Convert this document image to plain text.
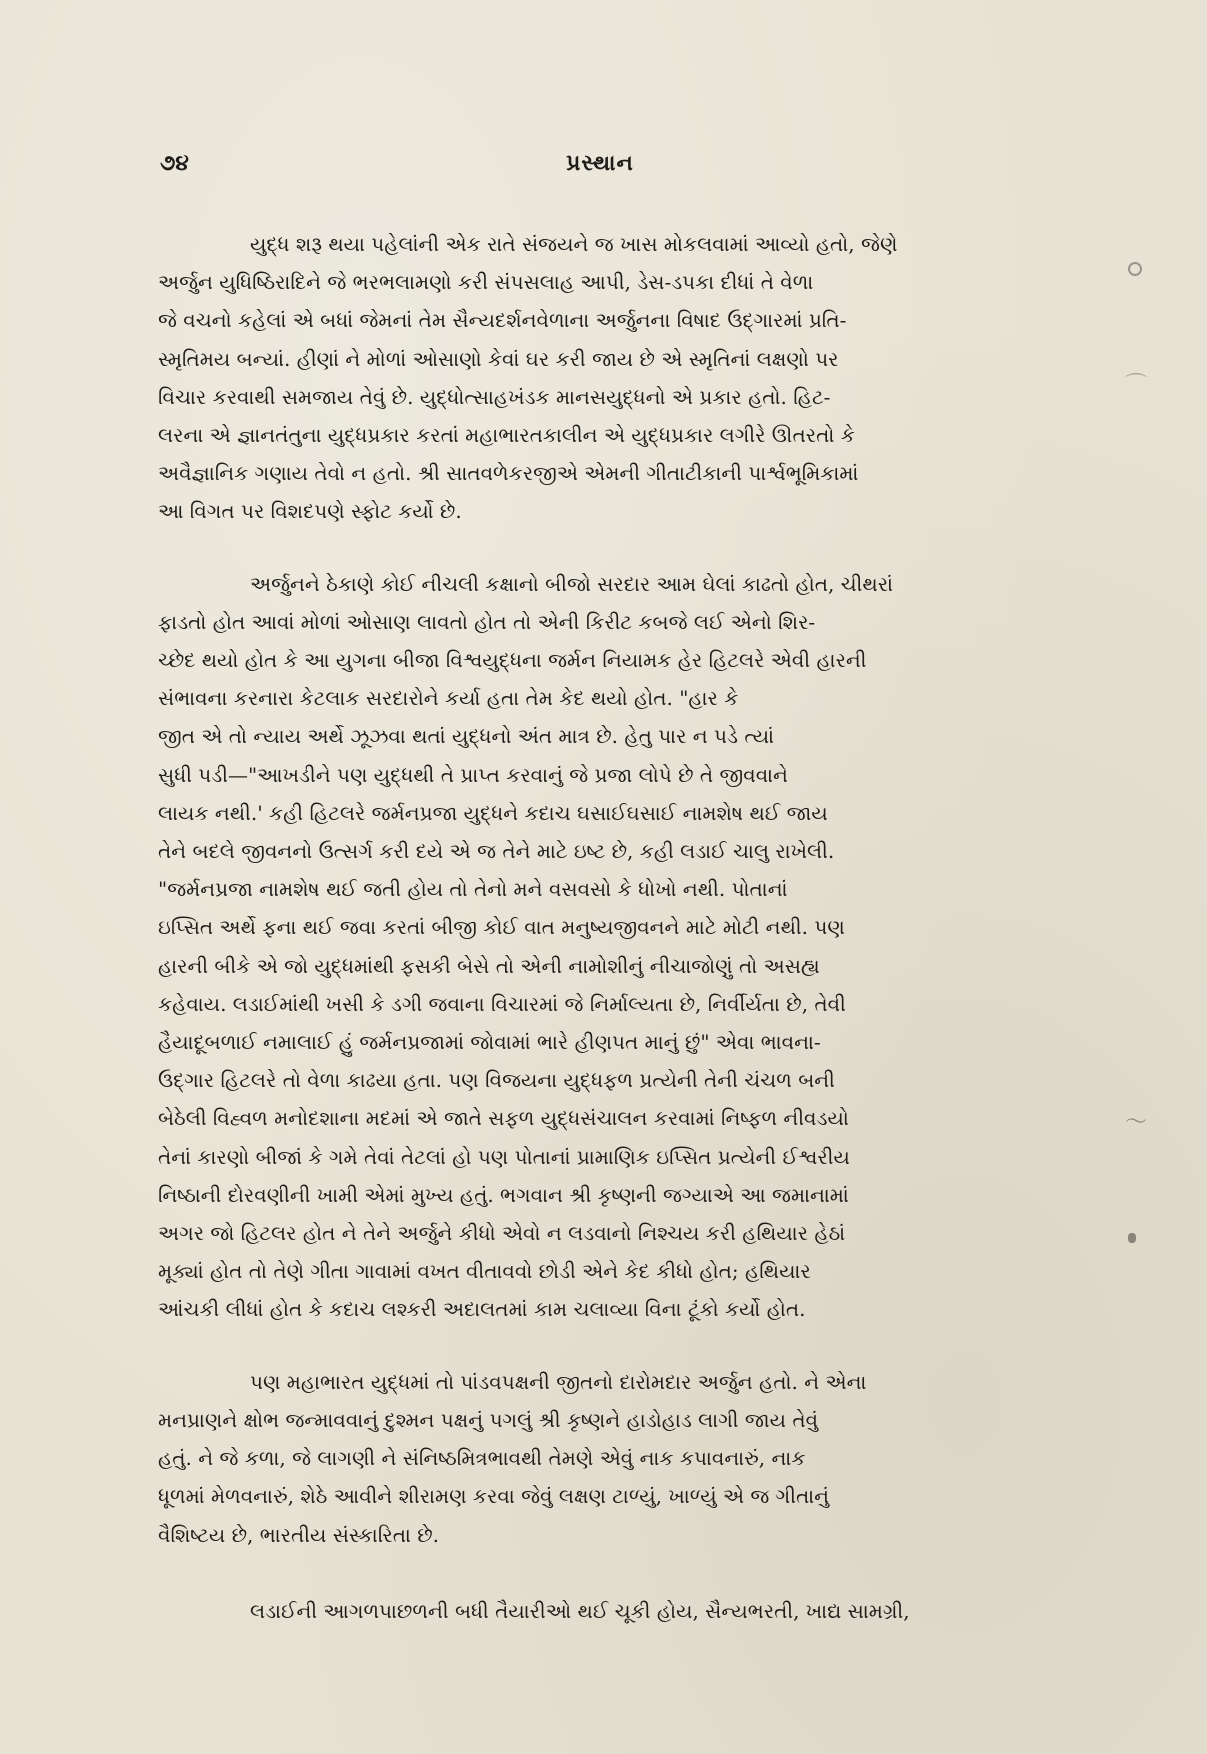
૭૪	પ્રસ્થાન
યુદ્ધ શરૂ થયા પહેલાંની એક રાતે સંજયને જ ખાસ મોકલવામાં આવ્યો હતો, જેણે
અર્જુન યુધિષ્ઠિરાદિને જે ભરભલામણો કરી સંપસલાહ આપી, ડેસ-ડપકા દીધાં તે વેળા
જે વચનો કહેલાં એ બધાં જેમનાં તેમ સૈન્યદર્શનવેળાના અર્જુનના વિષાદ ઉદ્‌ગારમાં પ્રતિ-
સ્મૃતિમય બન્યાં. હીણાં ને મોળાં ઓસાણો કેવાં ઘર કરી જાય છે એ સ્મૃતિનાં લક્ષણો પર
વિચાર કરવાથી સમજાય તેવું છે. યુદ્ધોત્સાહખંડક માનસયુદ્ધનો એ પ્રકાર હતો. હિટ-
લરના એ જ્ઞાનતંતુના યુદ્ધપ્રકાર કરતાં મહાભારતકાલીન એ યુદ્ધપ્રકાર લગીરે ઊતરતો કે
અવૈજ્ઞાનિક ગણાય તેવો ન હતો. શ્રી સાતવળેકરજીએ એમની ગીતાટીકાની પાર્શ્વભૂમિકામાં
આ વિગત પર વિશદપણે સ્ફોટ કર્યો છે.
અર્જુનને ઠેકાણે કોઈ નીચલી કક્ષાનો બીજો સરદાર આમ ઘેલાં કાઢતો હોત, ચીથરાં
ફાડતો હોત આવાં મોળાં ઓસાણ લાવતો હોત તો એની કિરીટ કબજે લઈ એનો શિર-
ચ્છેદ થયો હોત કે આ યુગના બીજા વિશ્વયુદ્ધના જર્મન નિયામક હેર હિટલરે એવી હારની
સંભાવના કરનારા કેટલાક સરદારોને કર્યા હતા તેમ કેદ થયો હોત. "હાર કે
જીત એ તો ન્યાય અર્થે ઝૂઝવા થતાં યુદ્ધનો અંત માત્ર છે. હેતુ પાર ન પડે ત્યાં
સુધી પડી—"આખડીને પણ યુદ્ધથી તે પ્રાપ્ત કરવાનું જે પ્રજા લોપે છે તે જીવવાને
લાયક નથી.' કહી હિટલરે જર્મનપ્રજા યુદ્ધને કદાચ ઘસાઈઘસાઈ નામશેષ થઈ જાય
તેને બદલે જીવનનો ઉત્સર્ગ કરી દયે એ જ તેને માટે ઇષ્ટ છે, કહી લડાઈ ચાલુ રાખેલી.
"જર્મનપ્રજા નામશેષ થઈ જતી હોય તો તેનો મને વસવસો કે ધોખો નથી. પોતાનાં
ઇપ્સિત અર્થે ફના થઈ જવા કરતાં બીજી કોઈ વાત મનુષ્યજીવનને માટે મોટી નથી. પણ
હારની બીકે એ જો યુદ્ધમાંથી ફસકી બેસે તો એની નામોશીનું નીચાજોણું તો અસહ્ય
કહેવાય. લડાઈમાંથી ખસી કે ડગી જવાના વિચારમાં જે નિર્માલ્યતા છે, નિર્વીર્યતા છે, તેવી
હૈયાદૂબળાઈ નમાલાઈ હું જર્મનપ્રજામાં જોવામાં ભારે હીણપત માનું છું" એવા ભાવના-
ઉદ્‌ગાર હિટલરે તો વેળા કાઢયા હતા. પણ વિજયના યુદ્ધફળ પ્રત્યેની તેની ચંચળ બની
બેઠેલી વિહ્વળ મનોદશાના મદમાં એ જાતે સફળ યુદ્ધસંચાલન કરવામાં નિષ્ફળ નીવડયો
તેનાં કારણો બીજાં કે ગમે તેવાં તેટલાં હો પણ પોતાનાં પ્રામાણિક ઇપ્સિત પ્રત્યેની ઈશ્વરીય
નિષ્ઠાની દોરવણીની ખામી એમાં મુખ્ય હતું. ભગવાન શ્રી કૃષ્ણની જગ્યાએ આ જમાનામાં
અગર જો હિટલર હોત ને તેને અર્જુને કીધો એવો ન લડવાનો નિશ્ચય કરી હથિયાર હેઠાં
મૂક્યાં હોત તો તેણે ગીતા ગાવામાં વખત વીતાવવો છોડી એને કેદ કીધો હોત; હથિયાર
આંચકી લીધાં હોત કે કદાચ લશ્કરી અદાલતમાં કામ ચલાવ્યા વિના ટૂંકો કર્યો હોત.
પણ મહાભારત યુદ્ધમાં તો પાંડવપક્ષની જીતનો દારોમદાર અર્જુન હતો. ને એના
મનપ્રાણને ક્ષોભ જન્માવવાનું દુશ્મન પક્ષનું પગલું શ્રી કૃષ્ણને હાડોહાડ લાગી જાય તેવું
હતું. ને જે કળા, જે લાગણી ને સંનિષ્ઠમિત્રભાવથી તેમણે એવું નાક કપાવનારું, નાક
ધૂળમાં મેળવનારું, શેઠે આવીને શીરામણ કરવા જેવું લક્ષણ ટાળ્યું, ખાળ્યું એ જ ગીતાનું
વૈશિષ્ટય છે, ભારતીય સંસ્કારિતા છે.
લડાઈની આગળપાછળની બધી તૈયારીઓ થઈ ચૂકી હોય, સૈન્યભરતી, ખાદ્ય સામગ્રી,
⌒
～
